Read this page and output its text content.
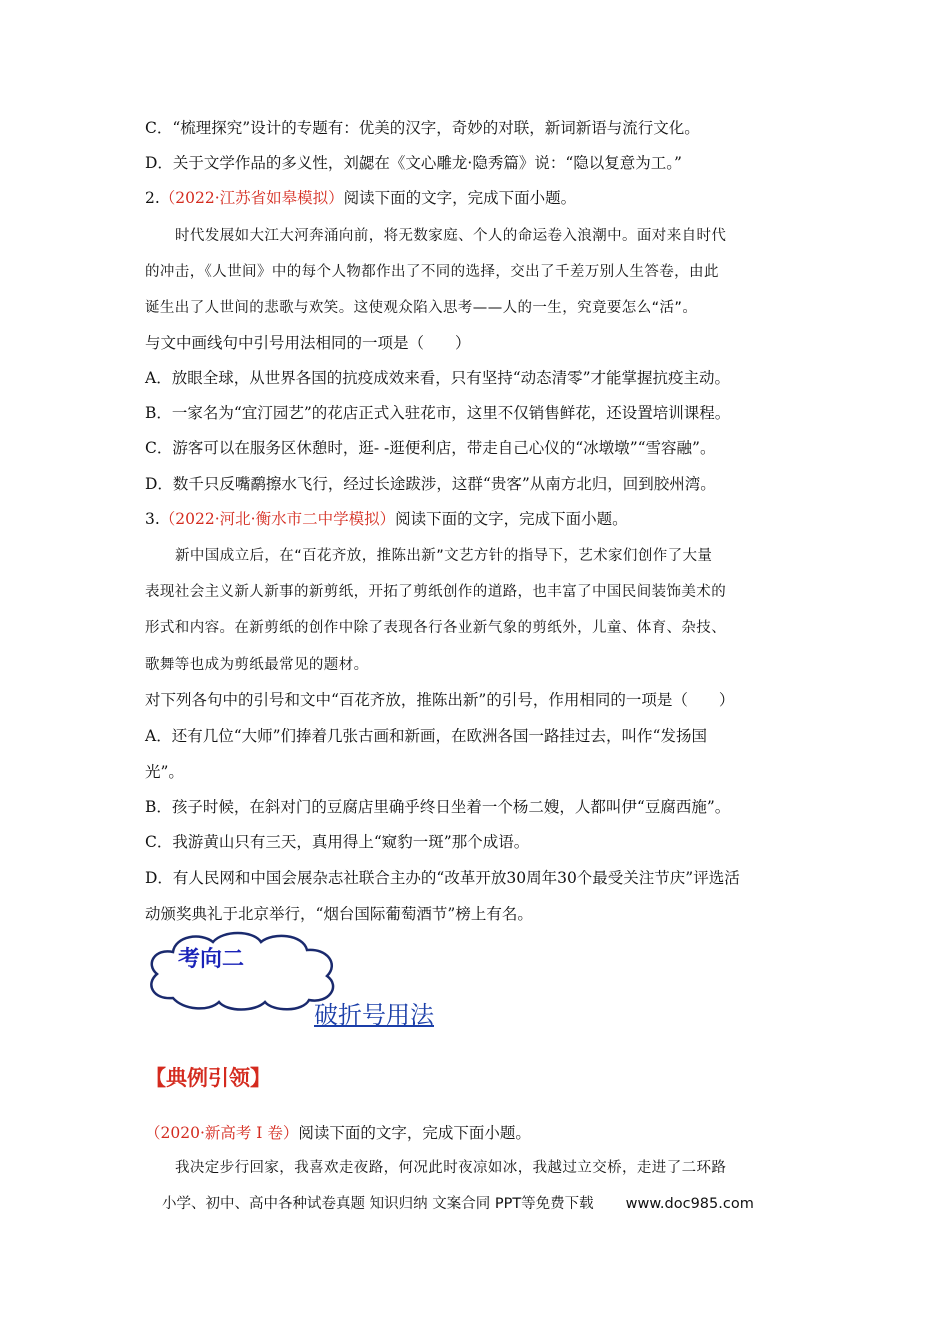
C．“梳理探究”设计的专题有：优美的汉字，奇妙的对联，新词新语与流行文化。
D．关于文学作品的多义性，刘勰在《文心雕龙·隐秀篇》说：“隐以复意为工。”
2.（2022·江苏省如皋模拟）阅读下面的文字，完成下面小题。
时代发展如大江大河奔涌向前，将无数家庭、个人的命运卷入浪潮中。面对来自时代
的冲击，《人世间》中的每个人物都作出了不同的选择，交出了千差万别人生答卷，由此
诞生出了人世间的悲歌与欢笑。这使观众陷入思考——人的一生，究竟要怎么“活”。
与文中画线句中引号用法相同的一项是（　　）
A．放眼全球，从世界各国的抗疫成效来看，只有坚持“动态清零”才能掌握抗疫主动。
B．一家名为“宜汀园艺”的花店正式入驻花市，这里不仅销售鲜花，还设置培训课程。
C．游客可以在服务区休憩时，逛- -逛便利店，带走自己心仪的“冰墩墩”“雪容融”。
D．数千只反嘴鹬擦水飞行，经过长途跋涉，这群“贵客”从南方北归，回到胶州湾。
3.（2022·河北·衡水市二中学模拟）阅读下面的文字，完成下面小题。
新中国成立后，在“百花齐放，推陈出新”文艺方针的指导下，艺术家们创作了大量
表现社会主义新人新事的新剪纸，开拓了剪纸创作的道路，也丰富了中国民间装饰美术的
形式和内容。在新剪纸的创作中除了表现各行各业新气象的剪纸外，儿童、体育、杂技、
歌舞等也成为剪纸最常见的题材。
对下列各句中的引号和文中“百花齐放，推陈出新”的引号，作用相同的一项是（　　）
A．还有几位“大师”们捧着几张古画和新画，在欧洲各国一路挂过去，叫作“发扬国
光”。
B．孩子时候，在斜对门的豆腐店里确乎终日坐着一个杨二嫂，人都叫伊“豆腐西施”。
C．我游黄山只有三天，真用得上“窥豹一斑”那个成语。
D．有人民网和中国会展杂志社联合主办的“改革开放30周年30个最受关注节庆”评选活
动颁奖典礼于北京举行，“烟台国际葡萄酒节”榜上有名。
考向二
破折号用法
【典例引领】
（2020·新高考 I 卷）阅读下面的文字，完成下面小题。
我决定步行回家，我喜欢走夜路，何况此时夜凉如冰，我越过立交桥，走进了二环路
小学、初中、高中各种试卷真题 知识归纳 文案合同 PPT等免费下载 www.doc985.com
